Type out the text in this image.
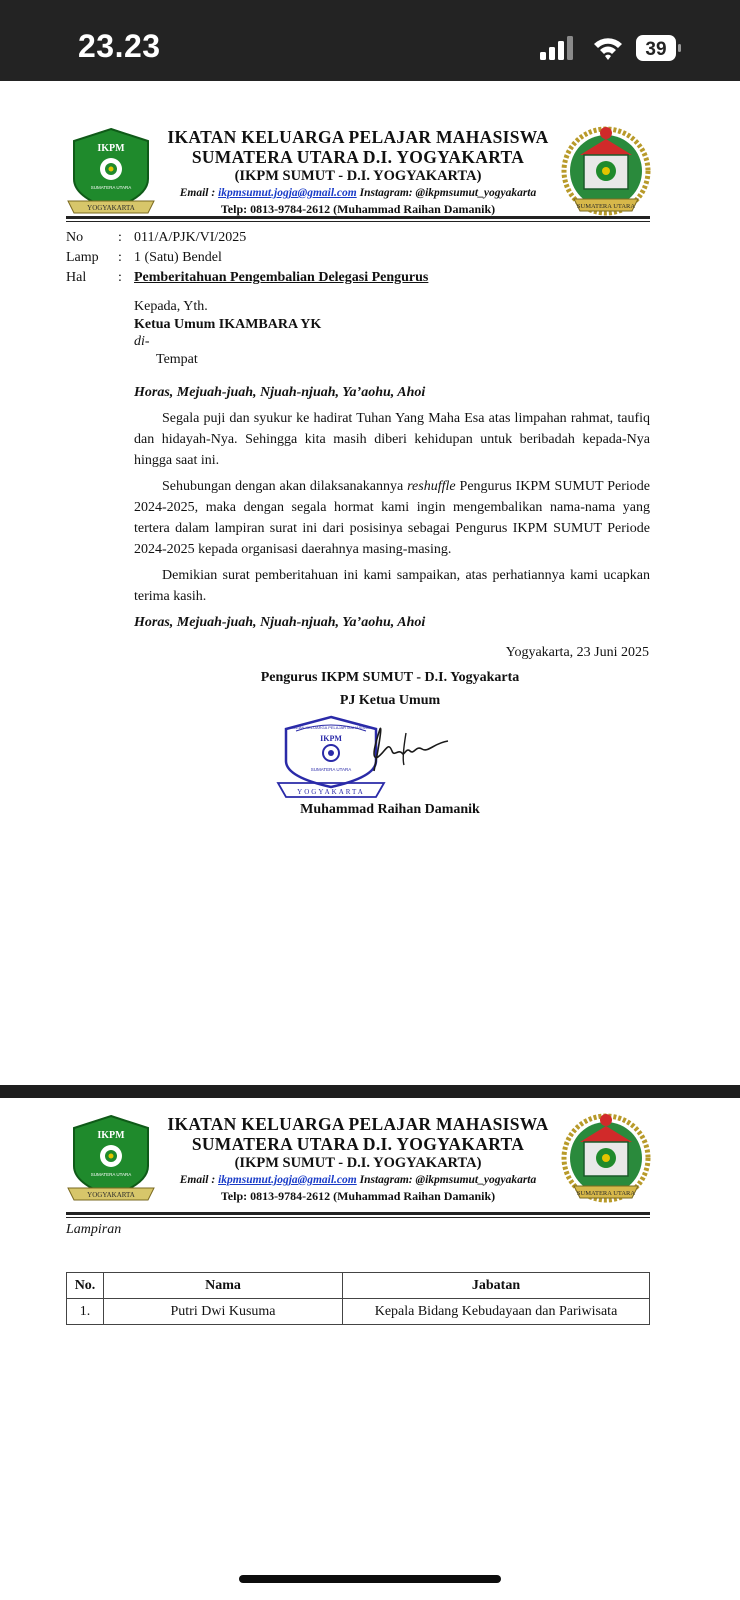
23.23	39
IKPM
SUMATERA UTARA
YOGYAKARTA
IKATAN KELUARGA PELAJAR MAHASISWA
SUMATERA UTARA D.I. YOGYAKARTA
(IKPM SUMUT - D.I. YOGYAKARTA)
Email : ikpmsumut.jogja@gmail.com Instagram: @ikpmsumut_yogyakarta
Telp: 0813-9784-2612 (Muhammad Raihan Damanik)	SUMATERA UTARA
No	: 011/A/PJK/VI/2025
Lamp	: 1 (Satu) Bendel
Hal	: Pemberitahuan Pengembalian Delegasi Pengurus
Kepada, Yth.
Ketua Umum IKAMBARA YK
di-
Tempat
Horas, Mejuah-juah, Njuah-njuah, Ya’aohu, Ahoi

Segala puji dan syukur ke hadirat Tuhan Yang Maha Esa atas limpahan rahmat, taufiq dan hidayah-Nya. Sehingga kita masih diberi kehidupan untuk beribadah kepada-Nya hingga saat ini.

Sehubungan dengan akan dilaksanakannya reshuffle Pengurus IKPM SUMUT Periode 2024-2025, maka dengan segala hormat kami ingin mengembalikan nama-nama yang tertera dalam lampiran surat ini dari posisinya sebagai Pengurus IKPM SUMUT Periode 2024-2025 kepada organisasi daerahnya masing-masing.

Demikian surat pemberitahuan ini kami sampaikan, atas perhatiannya kami ucapkan terima kasih.

Horas, Mejuah-juah, Njuah-njuah, Ya’aohu, Ahoi
Yogyakarta, 23 Juni 2025
Pengurus IKPM SUMUT - D.I. Yogyakarta
PJ Ketua Umum
IKATAN KELUARGA PELAJAR MAHASISWA
IKPM
SUMATERA UTARA
YOGYAKARTA
Muhammad Raihan Damanik
IKPM
SUMATERA UTARA
YOGYAKARTA
IKATAN KELUARGA PELAJAR MAHASISWA
SUMATERA UTARA D.I. YOGYAKARTA
(IKPM SUMUT - D.I. YOGYAKARTA)
Email : ikpmsumut.jogja@gmail.com Instagram: @ikpmsumut_yogyakarta
Telp: 0813-9784-2612 (Muhammad Raihan Damanik)	SUMATERA UTARA
Lampiran
No.	Nama	Jabatan
1.	Putri Dwi Kusuma	Kepala Bidang Kebudayaan dan Pariwisata
